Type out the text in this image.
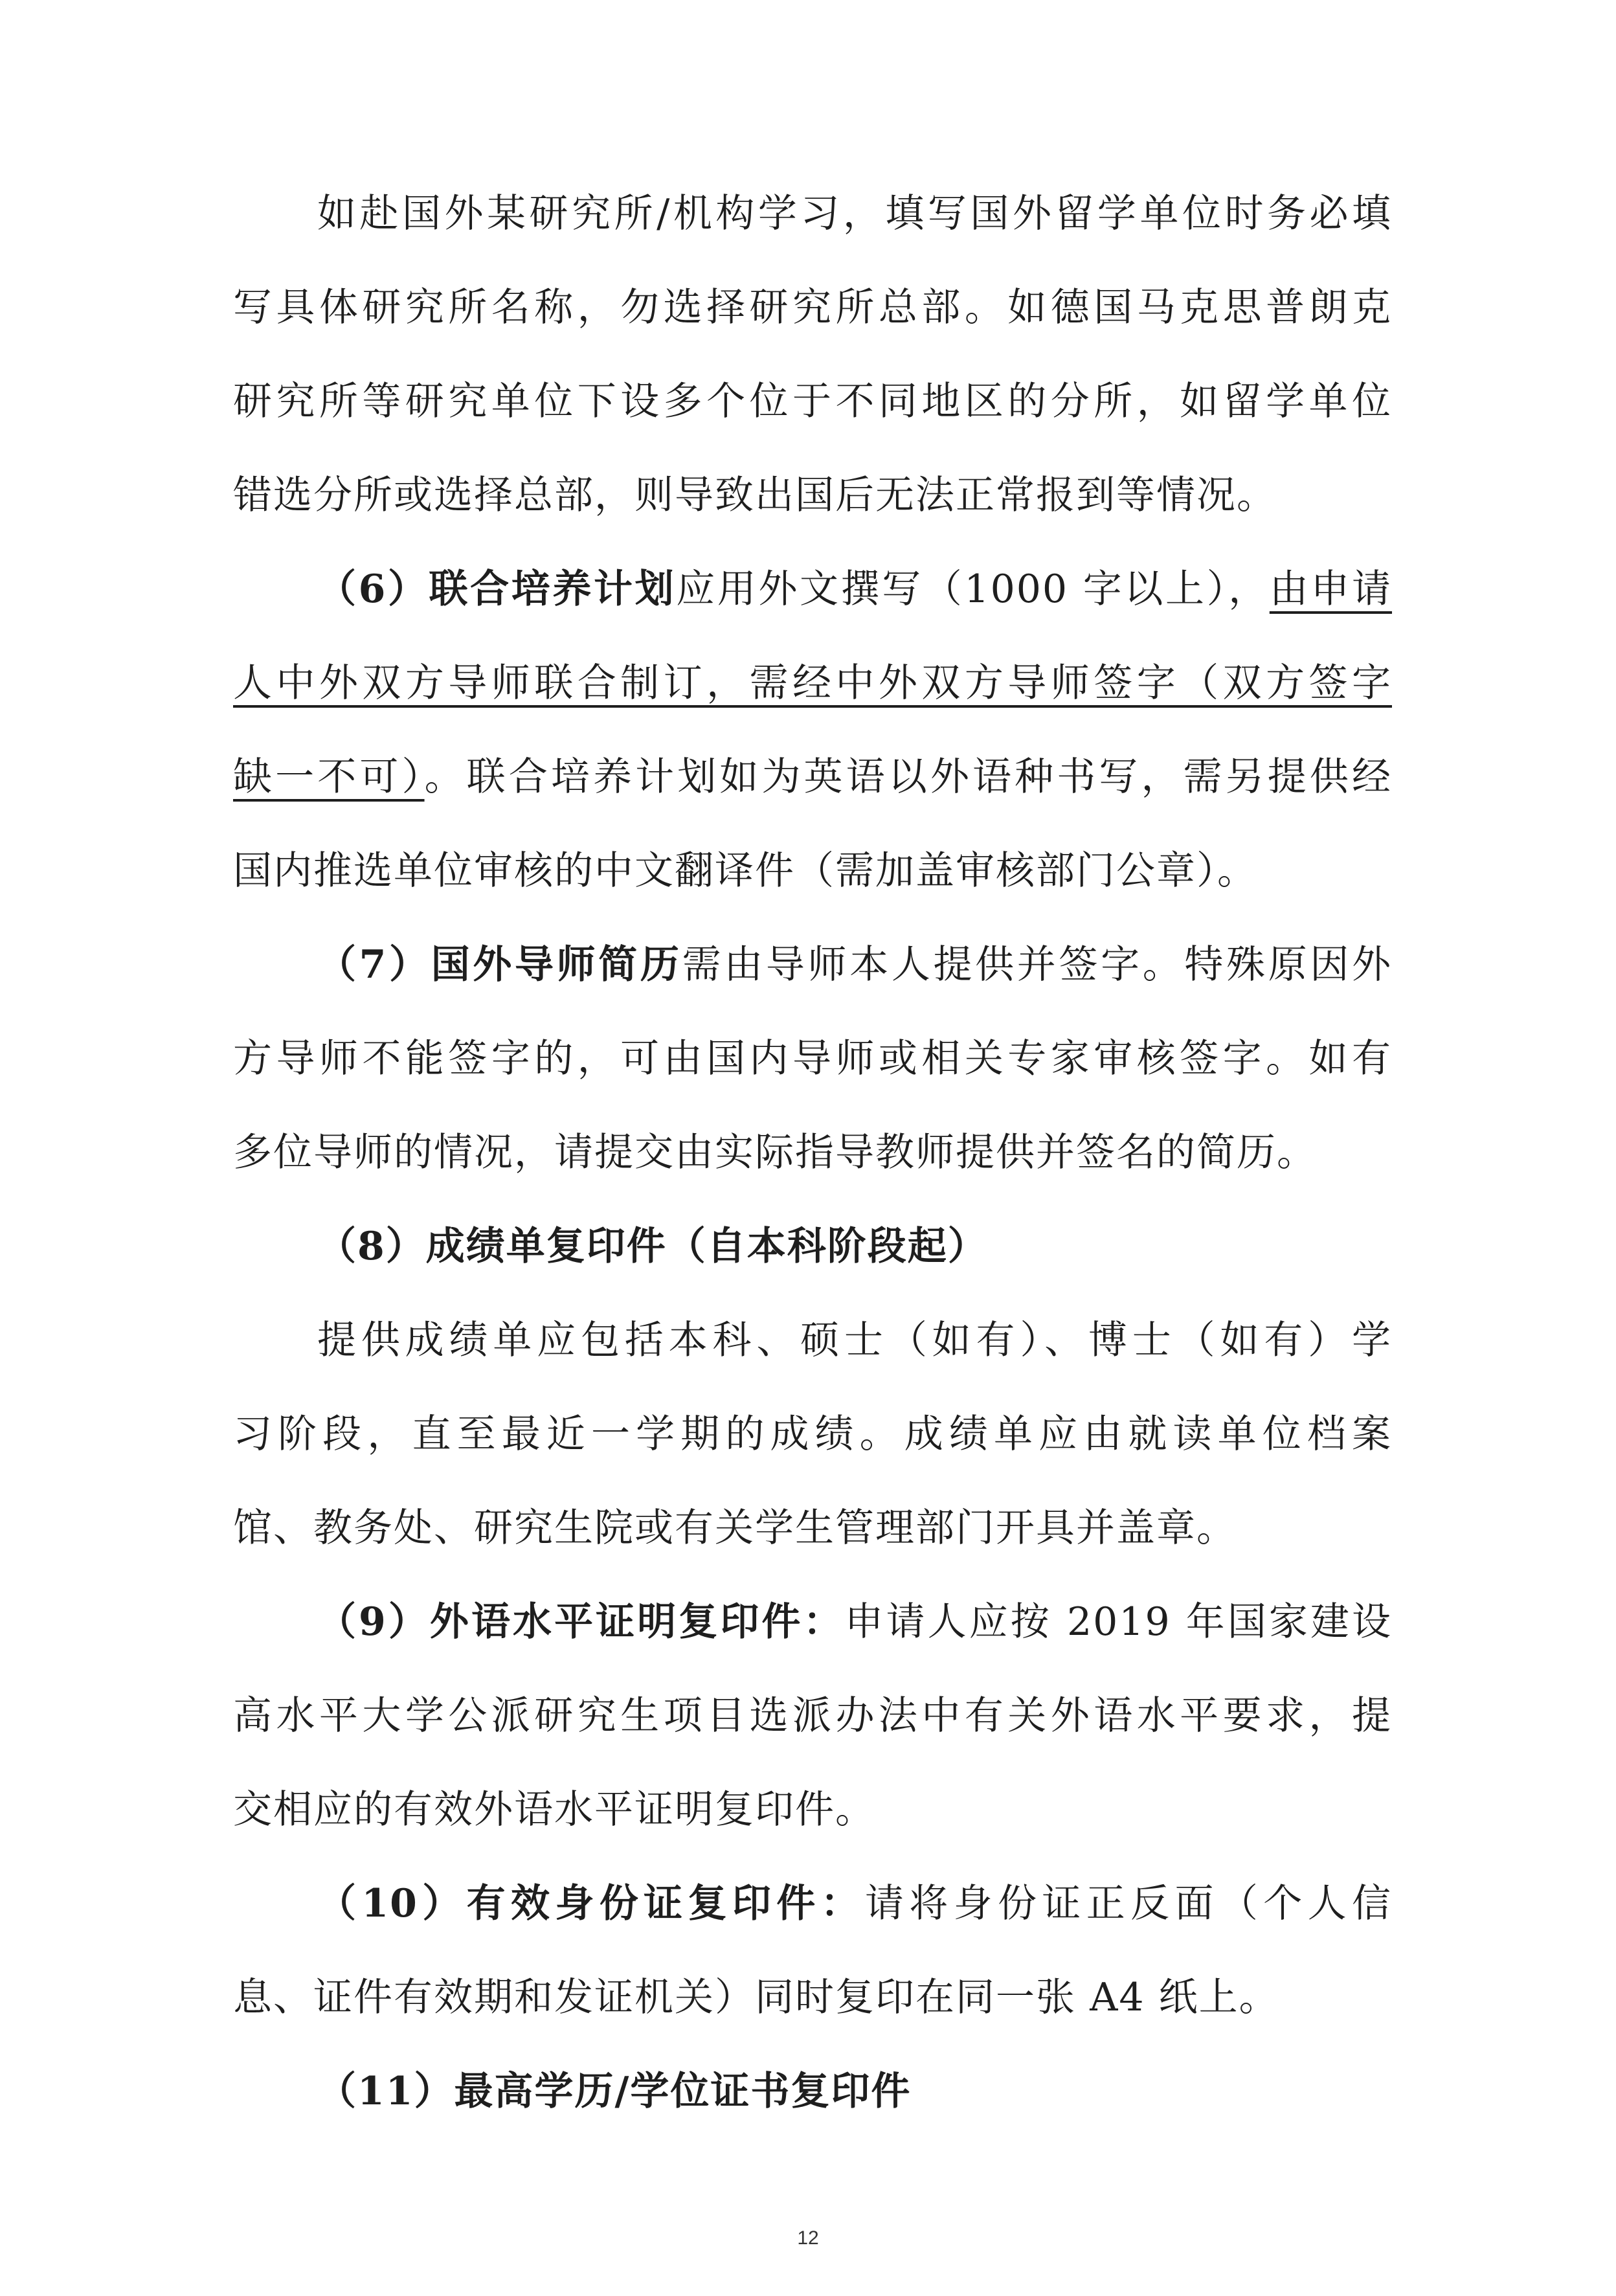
如赴国外某研究所/机构学习，填写国外留学单位时务必填
写具体研究所名称，勿选择研究所总部。如德国马克思普朗克
研究所等研究单位下设多个位于不同地区的分所，如留学单位
错选分所或选择总部，则导致出国后无法正常报到等情况。
（6）联合培养计划应用外文撰写（1000 字以上），由申请
人中外双方导师联合制订，需经中外双方导师签字（双方签字
缺一不可）。联合培养计划如为英语以外语种书写，需另提供经
国内推选单位审核的中文翻译件（需加盖审核部门公章）。
（7）国外导师简历需由导师本人提供并签字。特殊原因外
方导师不能签字的，可由国内导师或相关专家审核签字。如有
多位导师的情况，请提交由实际指导教师提供并签名的简历。
（8）成绩单复印件（自本科阶段起）
提供成绩单应包括本科、硕士（如有）、博士（如有）学
习阶段，直至最近一学期的成绩。成绩单应由就读单位档案
馆、教务处、研究生院或有关学生管理部门开具并盖章。
（9）外语水平证明复印件：申请人应按 2019 年国家建设
高水平大学公派研究生项目选派办法中有关外语水平要求，提
交相应的有效外语水平证明复印件。
（10）有效身份证复印件：请将身份证正反面（个人信
息、证件有效期和发证机关）同时复印在同一张 A4 纸上。
（11）最高学历/学位证书复印件
12
